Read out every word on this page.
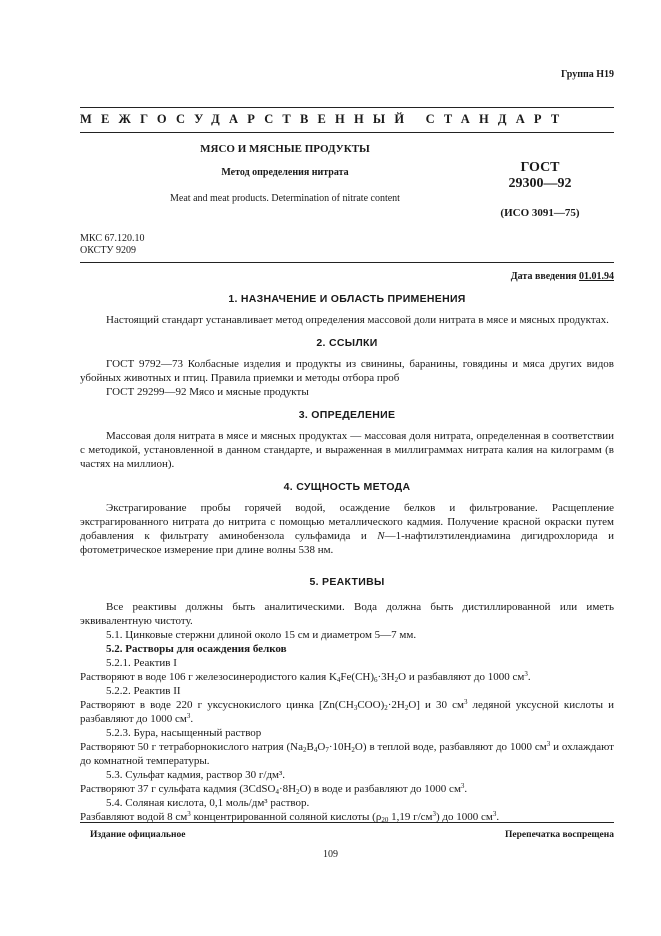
Группа Н19
МЕЖГОСУДАРСТВЕННЫЙ СТАНДАРТ
МЯСО И МЯСНЫЕ ПРОДУКТЫ
Метод определения нитрата
Meat and meat products. Determination of nitrate content
ГОСТ
29300—92
(ИСО 3091—75)
МКС 67.120.10
ОКСТУ 9209
Дата введения 01.01.94
1. НАЗНАЧЕНИЕ И ОБЛАСТЬ ПРИМЕНЕНИЯ
Настоящий стандарт устанавливает метод определения массовой доли нитрата в мясе и мясных продуктах.
2. ССЫЛКИ
ГОСТ 9792—73 Колбасные изделия и продукты из свинины, баранины, говядины и мяса других видов убойных животных и птиц. Правила приемки и методы отбора проб
ГОСТ 29299—92 Мясо и мясные продукты
3. ОПРЕДЕЛЕНИЕ
Массовая доля нитрата в мясе и мясных продуктах — массовая доля нитрата, определенная в соответствии с методикой, установленной в данном стандарте, и выраженная в миллиграммах нитрата калия на килограмм (в частях на миллион).
4. СУЩНОСТЬ МЕТОДА
Экстрагирование пробы горячей водой, осаждение белков и фильтрование. Расщепление экстрагированного нитрата до нитрита с помощью металлического кадмия. Получение красной окраски путем добавления к фильтрату аминобензола сульфамида и N—1-нафтилэтилендиамина дигидрохлорида и фотометрическое измерение при длине волны 538 нм.
5. РЕАКТИВЫ
Все реактивы должны быть аналитическими. Вода должна быть дистиллированной или иметь эквивалентную чистоту.
5.1. Цинковые стержни длиной около 15 см и диаметром 5—7 мм.
5.2. Растворы для осаждения белков
5.2.1. Реактив I
Растворяют в воде 106 г железосинеродистого калия $K_4Fe(CH)_6\cdot 3H_2O$ и разбавляют до 1000 $см^3$.
5.2.2. Реактив II
Растворяют в воде 220 г уксуснокислого цинка $[Zn(CH_3COO)_2\cdot 2H_2O]$ и 30 $см^3$ ледяной уксусной кислоты и разбавляют до 1000 $см^3$.
5.2.3. Бура, насыщенный раствор
Растворяют 50 г тетраборнокислого натрия $(Na_2B_4O_7\cdot 10H_2O)$ в теплой воде, разбавляют до 1000 $см^3$ и охлаждают до комнатной температуры.
5.3. Сульфат кадмия, раствор 30 г/дм³.
Растворяют 37 г сульфата кадмия $(3CdSO_4\cdot 8H_2O)$ в воде и разбавляют до 1000 $см^3$.
5.4. Соляная кислота, 0,1 моль/дм³ раствор.
Разбавляют водой 8 $см^3$ концентрированной соляной кислоты ($\rho_{20}$ 1,19 $г/см^3$) до 1000 $см^3$.
Издание официальное	Перепечатка воспрещена
109
